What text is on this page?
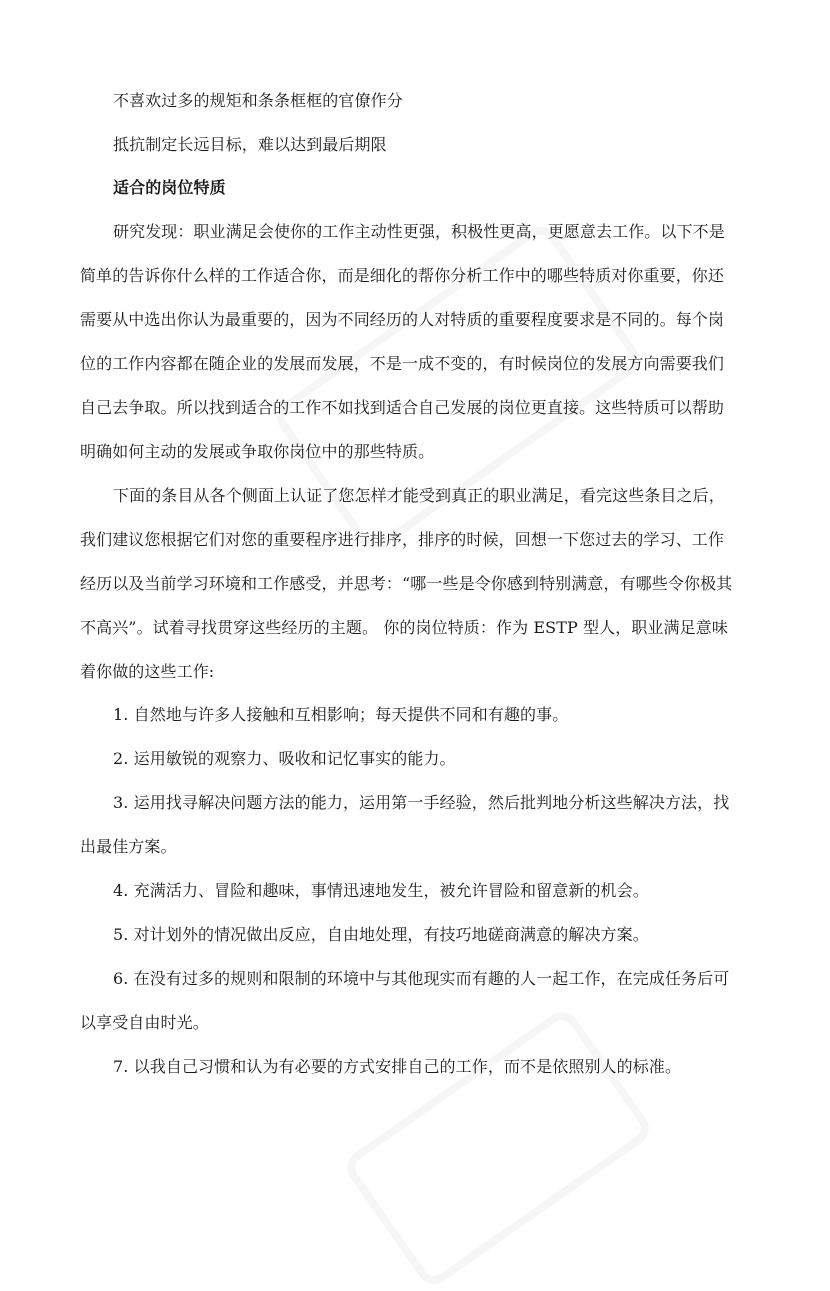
不喜欢过多的规矩和条条框框的官僚作分
抵抗制定长远目标，难以达到最后期限
适合的岗位特质
研究发现：职业满足会使你的工作主动性更强，积极性更高，更愿意去工作。以下不是
简单的告诉你什么样的工作适合你，而是细化的帮你分析工作中的哪些特质对你重要，你还
需要从中选出你认为最重要的，因为不同经历的人对特质的重要程度要求是不同的。每个岗
位的工作内容都在随企业的发展而发展，不是一成不变的，有时候岗位的发展方向需要我们
自己去争取。所以找到适合的工作不如找到适合自己发展的岗位更直接。这些特质可以帮助
明确如何主动的发展或争取你岗位中的那些特质。
下面的条目从各个侧面上认证了您怎样才能受到真正的职业满足，看完这些条目之后，
我们建议您根据它们对您的重要程序进行排序，排序的时候，回想一下您过去的学习、工作
经历以及当前学习环境和工作感受，并思考：“哪一些是令你感到特别满意，有哪些令你极其
不高兴”。试着寻找贯穿这些经历的主题。 你的岗位特质：作为 ESTP 型人，职业满足意味
着你做的这些工作:
1. 自然地与许多人接触和互相影响；每天提供不同和有趣的事。
2. 运用敏锐的观察力、吸收和记忆事实的能力。
3. 运用找寻解决问题方法的能力，运用第一手经验，然后批判地分析这些解决方法，找
出最佳方案。
4. 充满活力、冒险和趣味，事情迅速地发生，被允许冒险和留意新的机会。
5. 对计划外的情况做出反应，自由地处理，有技巧地磋商满意的解决方案。
6. 在没有过多的规则和限制的环境中与其他现实而有趣的人一起工作，在完成任务后可
以享受自由时光。
7. 以我自己习惯和认为有必要的方式安排自己的工作，而不是依照别人的标准。
